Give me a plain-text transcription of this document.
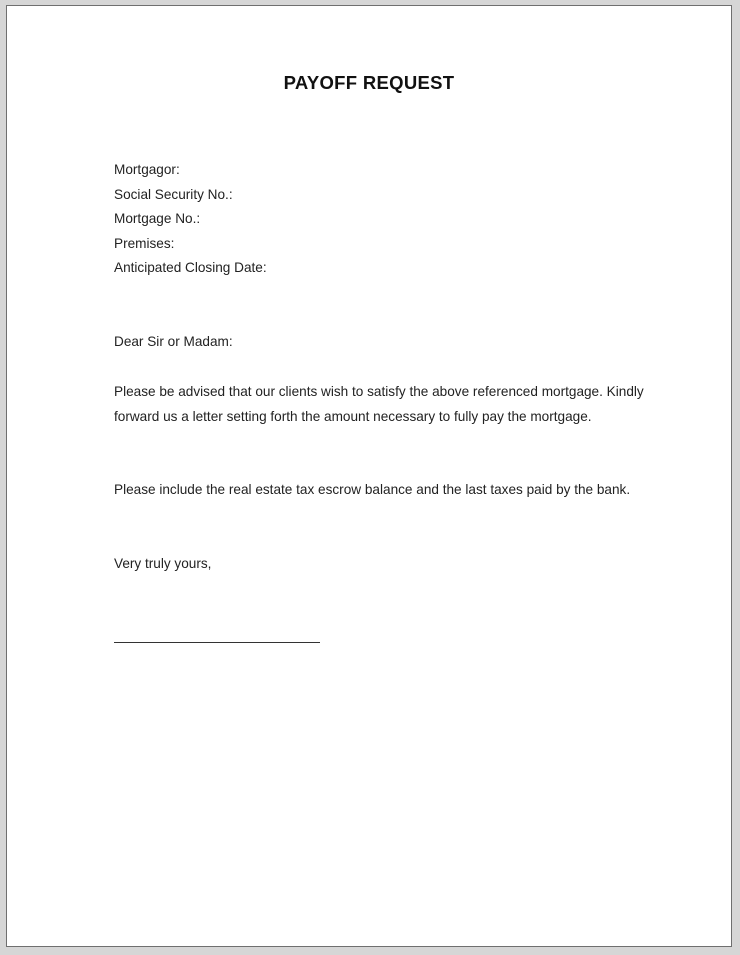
PAYOFF REQUEST
Mortgagor:
Social Security No.:
Mortgage No.:
Premises:
Anticipated Closing Date:
Dear Sir or Madam:

Please be advised that our clients wish to satisfy the above referenced mortgage. Kindly forward us a letter setting forth the amount necessary to fully pay the mortgage.

Please include the real estate tax escrow balance and the last taxes paid by the bank.

Very truly yours,
